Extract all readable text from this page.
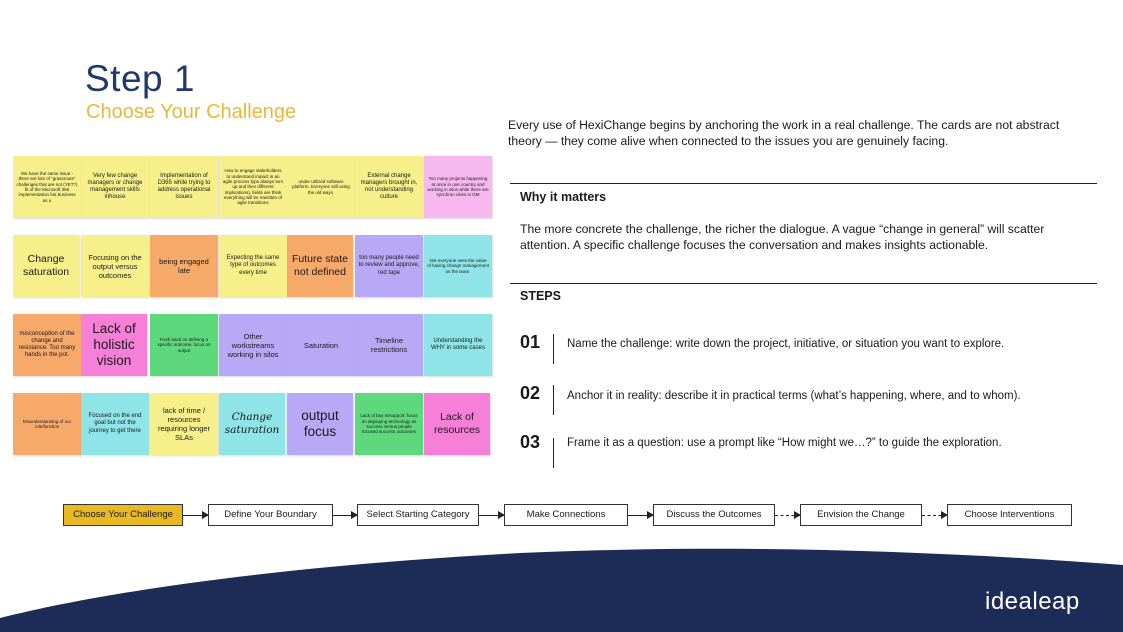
Step 1
Choose Your Challenge
We have the same issue - there are lots of "grassroots" challenges that are not (YET?) fit of the Microsoft 365 implementation but business as u
Very few change managers or change management skills inhouse
Implementation of D365 while trying to address operational issues
How to engage stakeholders to understand impact in an agile process type always turn up and then different implications), fields are think everything will be rewritten of agile transitions
under utilized software platform. Everyone still using the old ways.
External change managers brought in, not understanding culture
Too many projects happening at once in one country and working in silos while there are synchron cities in OM
Change saturation
Focusing on the output versus outcomes
being engaged late
Expecting the same type of outcomes every time
Future state not defined
too many people need to review and approve, red tape
Not everyone sees the value of having change management on the team.
misconception of the change and resistance. Too many hands in the pot.
Lack of holistic vision
Push back on defining a specific outcome, focus on output
Other workstreams working in silos
Saturation	Timeline restrictions
Understanding the WHY in some cases
Misunderstanding of our role/function
Focused on the end goal but not the journey to get there
lack of time / resources requiring longer SLAs
Change saturation
output focus
Lack of buy in/support: focus on deploying technology as success versus people focused success outcomes
Lack of resources
Every use of HexiChange begins by anchoring the work in a real challenge. The cards are not abstract theory — they come alive when connected to the issues you are genuinely facing.
Why it matters
The more concrete the challenge, the richer the dialogue. A vague “change in general” will scatter attention. A specific challenge focuses the conversation and makes insights actionable.
STEPS
01 Name the challenge: write down the project, initiative, or situation you want to explore.
02 Anchor it in reality: describe it in practical terms (what’s happening, where, and to whom).
03 Frame it as a question: use a prompt like “How might we…?” to guide the exploration.
Choose Your Challenge	Define Your Boundary	Select Starting Category	Make Connections	Discuss the Outcomes	Envision the Change	Choose Interventions
idealeap
